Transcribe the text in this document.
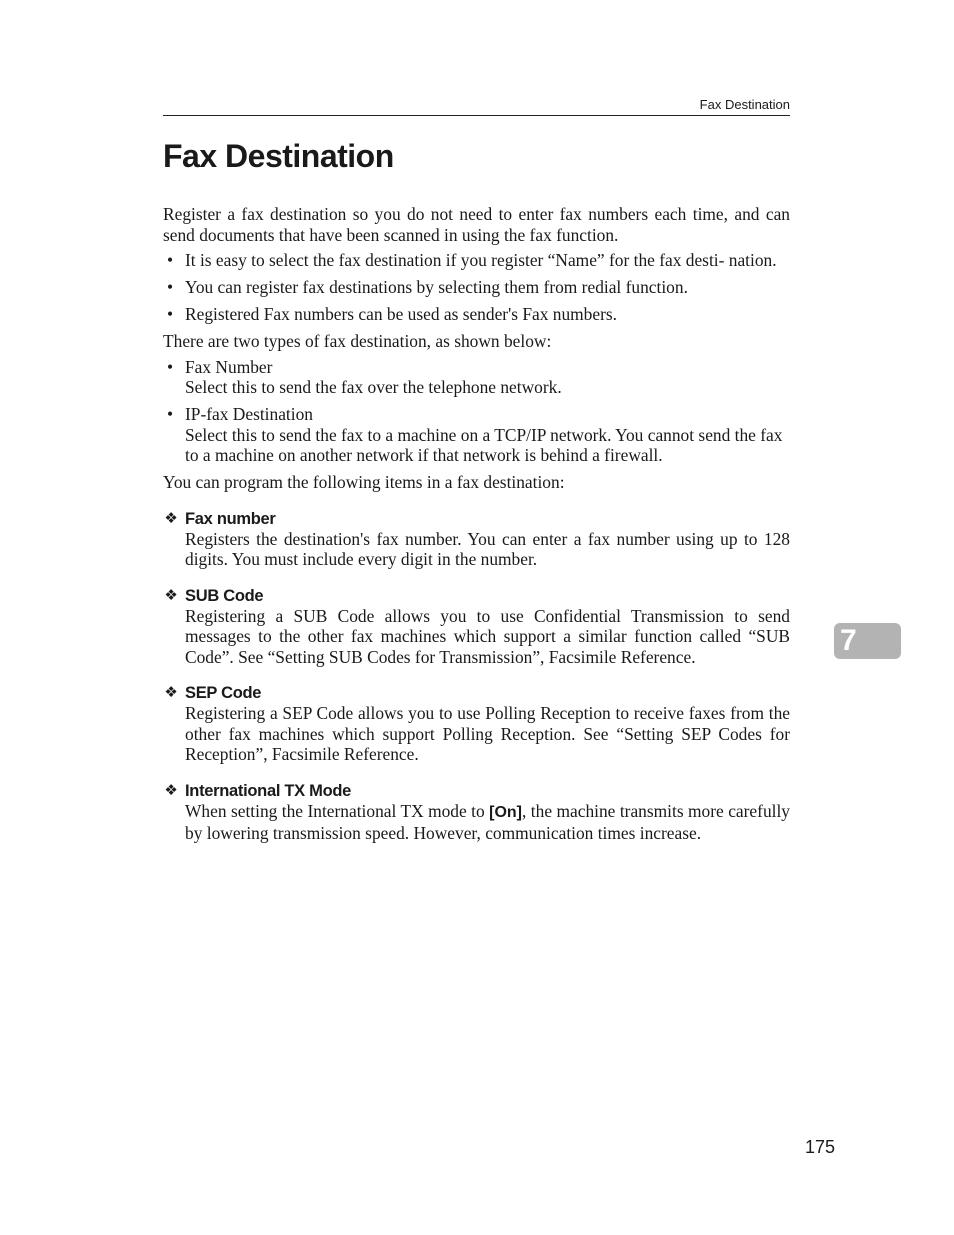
Fax Destination
Fax Destination

Register a fax destination so you do not need to enter fax numbers each time, and can send documents that have been scanned in using the fax function.

• It is easy to select the fax destination if you register “Name” for the fax desti- nation.
• You can register fax destinations by selecting them from redial function.
• Registered Fax numbers can be used as sender's Fax numbers.

There are two types of fax destination, as shown below:

• Fax Number
Select this to send the fax over the telephone network.
• IP-fax Destination
Select this to send the fax to a machine on a TCP/IP network. You cannot send the fax to a machine on another network if that network is behind a firewall.

You can program the following items in a fax destination:

❖ Fax number

Registers the destination's fax number. You can enter a fax number using up to 128 digits. You must include every digit in the number.

❖ SUB Code

Registering a SUB Code allows you to use Confidential Transmission to send messages to the other fax machines which support a similar function called “SUB Code”. See “Setting SUB Codes for Transmission”, Facsimile Reference.

❖ SEP Code

Registering a SEP Code allows you to use Polling Reception to receive faxes from the other fax machines which support Polling Reception. See “Setting SEP Codes for Reception”, Facsimile Reference.

❖ International TX Mode

When setting the International TX mode to [On], the machine transmits more carefully by lowering transmission speed. However, communication times increase.

7
175
